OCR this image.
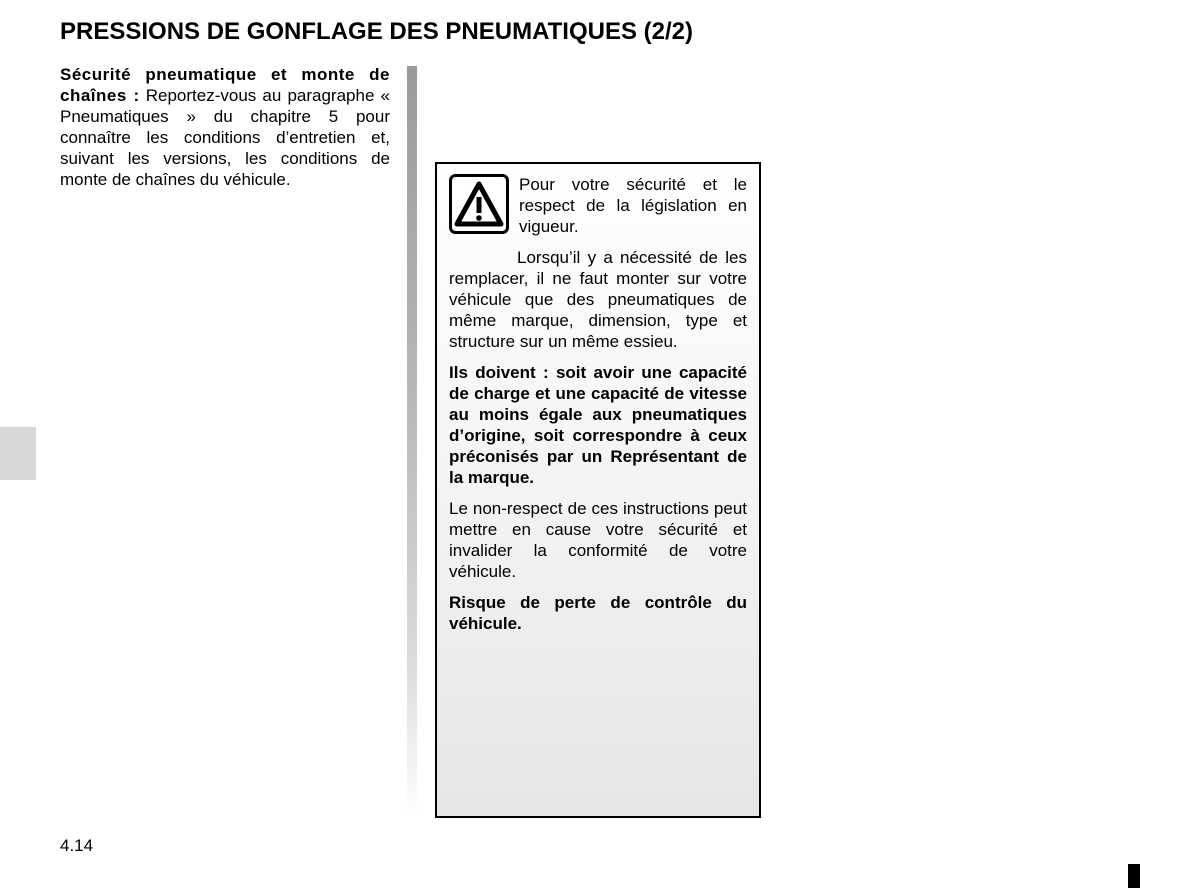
PRESSIONS DE GONFLAGE DES PNEUMATIQUES (2/2)
Sécurité pneumatique et monte de chaînes : Reportez-vous au paragraphe « Pneumatiques » du chapitre 5 pour connaître les conditions d’entretien et, suivant les versions, les conditions de monte de chaînes du véhicule.	Pour votre sécurité et le respect de la législation en vigueur.

Lorsqu’il y a nécessité de les remplacer, il ne faut monter sur votre véhicule que des pneumatiques de même marque, dimension, type et structure sur un même essieu.

Ils doivent : soit avoir une capacité de charge et une capacité de vitesse au moins égale aux pneumatiques d’origine, soit correspondre à ceux préconisés par un Représentant de la marque.

Le non-respect de ces instructions peut mettre en cause votre sécurité et invalider la conformité de votre véhicule.

Risque de perte de contrôle du véhicule.

4.14
